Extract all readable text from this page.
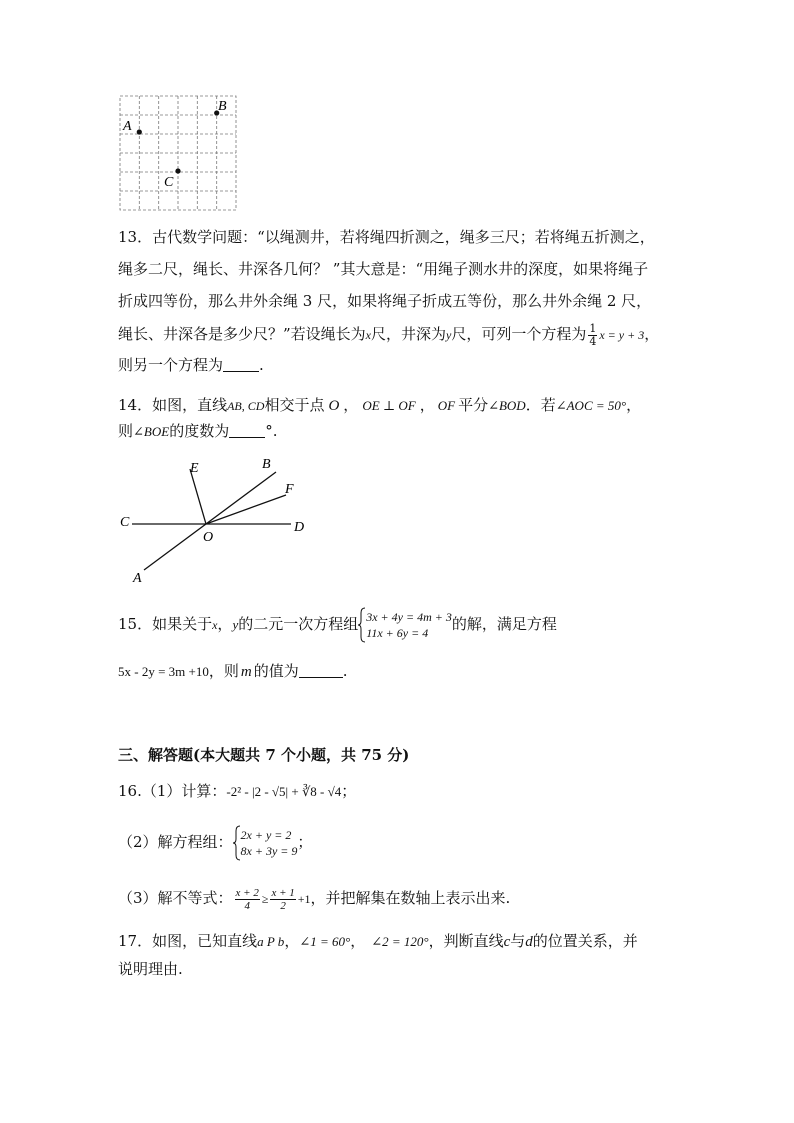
A
B
C
13．古代数学问题：“以绳测井，若将绳四折测之，绳多三尺；若将绳五折测之，
绳多二尺，绳长、井深各几何？ ”其大意是：“用绳子测水井的深度，如果将绳子
折成四等份，那么井外余绳 3 尺，如果将绳子折成五等份，那么井外余绳 2 尺，
绳长、井深各是多少尺？”若设绳长为x尺，井深为y尺，可列一个方程为 $\frac{1}{4}$ x = y + 3，
则另一个方程为 .
14．如图，直线AB, CD相交于点 O ， OE ⊥ OF ， OF 平分∠BOD．若∠AOC = 50°，
则∠BOE的度数为 °.
E	B
F
C
O
D
A
15．如果关于x，y的二元一次方程组 3x + 4y = 4m + 3
11x + 6y = 4	的解，满足方程
5x - 2y = 3m +10，则 m 的值为	.
三、解答题(本大题共 7 个小题，共 75 分)
16.（1）计算：-2² - |2 - √5| + ∛8 - √4；
（2）解方程组： 2x + y = 2
8x + 3y = 9 ；
（3）解不等式： $\frac{x + 2}{4} \ge \frac{x + 1}{2} +1$，并把解集在数轴上表示出来.
17．如图，已知直线a P b，∠1 = 60°， ∠2 = 120°，判断直线c与d的位置关系，并
说明理由.
